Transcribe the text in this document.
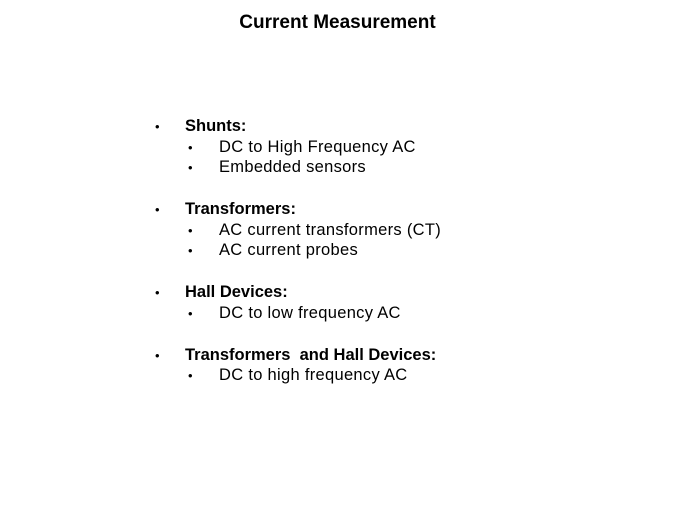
Current Measurement
•	Shunts:
•	DC to High Frequency AC
•	Embedded sensors
•	Transformers:
•	AC current transformers (CT)
•	AC current probes
•	Hall Devices:
•	DC to low frequency AC
•	Transformers  and Hall Devices:
•	DC to high frequency AC
